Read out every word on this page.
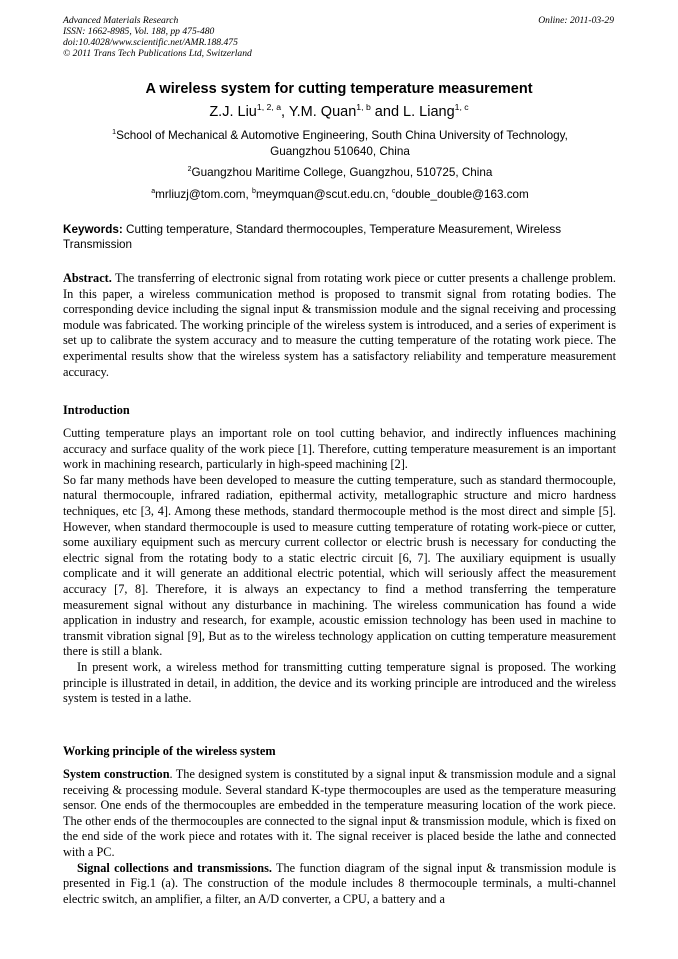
Advanced Materials Research
ISSN: 1662-8985, Vol. 188, pp 475-480
doi:10.4028/www.scientific.net/AMR.188.475
© 2011 Trans Tech Publications Ltd, Switzerland
Online: 2011-03-29
A wireless system for cutting temperature measurement
Z.J. Liu$^{1, 2, a}$, Y.M. Quan$^{1, b}$ and L. Liang$^{1, c}$
$^1$School of Mechanical & Automotive Engineering, South China University of Technology,
Guangzhou 510640, China
$^2$Guangzhou Maritime College, Guangzhou, 510725, China
$^a$mrliuzj@tom.com, $^b$meymquan@scut.edu.cn, $^c$double_double@163.com
Keywords: Cutting temperature, Standard thermocouples, Temperature Measurement, Wireless Transmission

Abstract. The transferring of electronic signal from rotating work piece or cutter presents a challenge problem. In this paper, a wireless communication method is proposed to transmit signal from rotating bodies. The corresponding device including the signal input & transmission module and the signal receiving and processing module was fabricated. The working principle of the wireless system is introduced, and a series of experiment is set up to calibrate the system accuracy and to measure the cutting temperature of the rotating work piece. The experimental results show that the wireless system has a satisfactory reliability and temperature measurement accuracy.

Introduction

Cutting temperature plays an important role on tool cutting behavior, and indirectly influences machining accuracy and surface quality of the work piece [1]. Therefore, cutting temperature measurement is an important work in machining research, particularly in high-speed machining [2].

So far many methods have been developed to measure the cutting temperature, such as standard thermocouple, natural thermocouple, infrared radiation, epithermal activity, metallographic structure and micro hardness techniques, etc [3, 4]. Among these methods, standard thermocouple method is the most direct and simple [5]. However, when standard thermocouple is used to measure cutting temperature of rotating work-piece or cutter, some auxiliary equipment such as mercury current collector or electric brush is necessary for conducting the electric signal from the rotating body to a static electric circuit [6, 7]. The auxiliary equipment is usually complicate and it will generate an additional electric potential, which will seriously affect the measurement accuracy [7, 8]. Therefore, it is always an expectancy to find a method transferring the temperature measurement signal without any disturbance in machining. The wireless communication has found a wide application in industry and research, for example, acoustic emission technology has been used in machine to transmit vibration signal [9], But as to the wireless technology application on cutting temperature measurement there is still a blank.

In present work, a wireless method for transmitting cutting temperature signal is proposed. The working principle is illustrated in detail, in addition, the device and its working principle are introduced and the wireless system is tested in a lathe.

Working principle of the wireless system

System construction. The designed system is constituted by a signal input & transmission module and a signal receiving & processing module. Several standard K-type thermocouples are used as the temperature measuring sensor. One ends of the thermocouples are embedded in the temperature measuring location of the work piece. The other ends of the thermocouples are connected to the signal input & transmission module, which is fixed on the end side of the work piece and rotates with it. The signal receiver is placed beside the lathe and connected with a PC.

Signal collections and transmissions. The function diagram of the signal input & transmission module is presented in Fig.1 (a). The construction of the module includes 8 thermocouple terminals, a multi-channel electric switch, an amplifier, a filter, an A/D converter, a CPU, a battery and a
